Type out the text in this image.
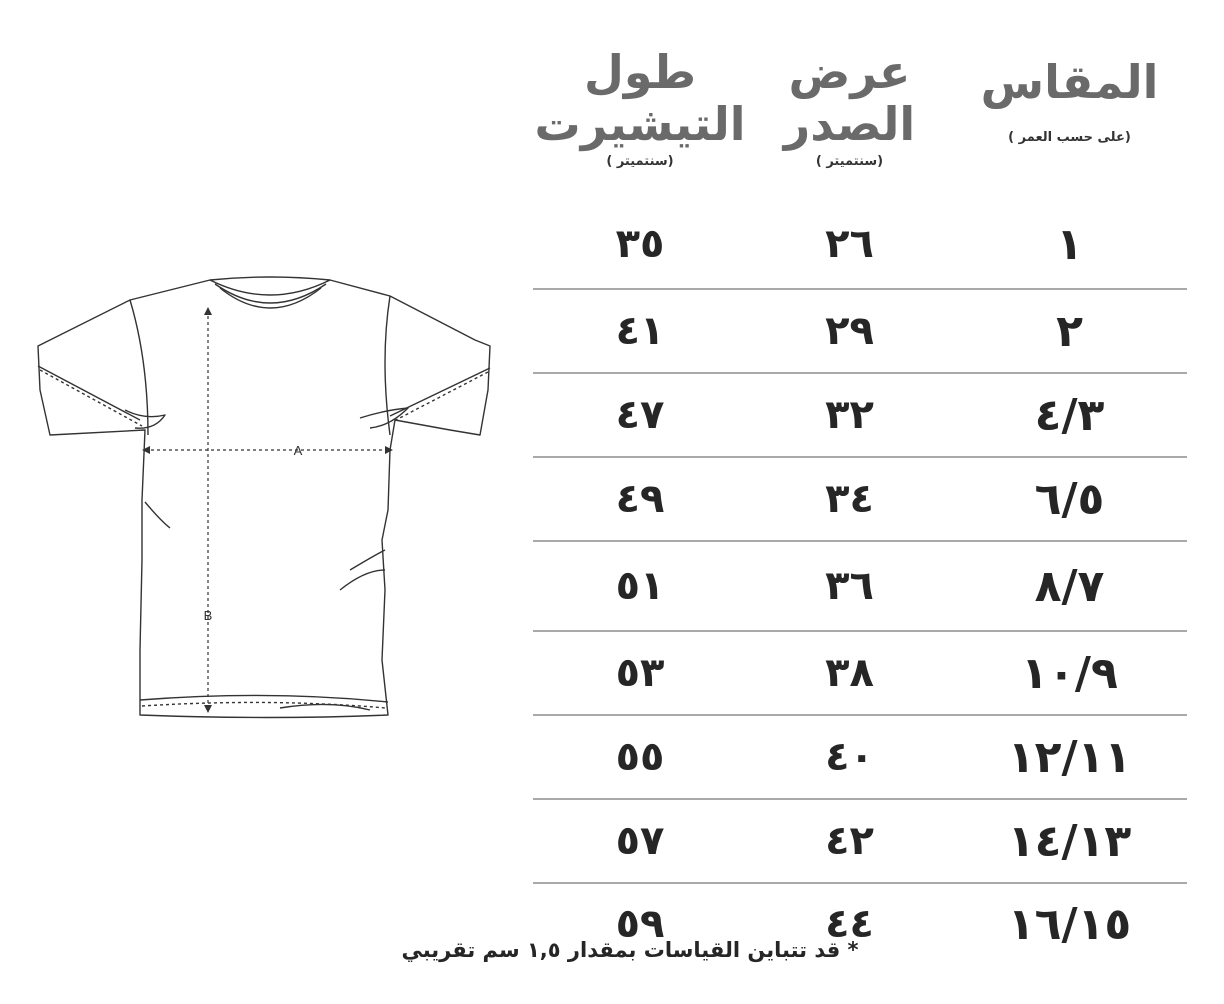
A
B
المقاس
(على حسب العمر )
عرض
الصدر
(سنتميتر )
طول
التيشيرت
(سنتميتر )
١
٢٦
٣٥
٢
٢٩
٤١
٤/٣
٣٢
٤٧
٦/٥
٣٤
٤٩
٨/٧
٣٦
٥١
١٠/٩
٣٨
٥٣
١٢/١١
٤٠
٥٥
١٤/١٣
٤٢
٥٧
١٦/١٥
٤٤
٥٩
* قد تتباين القياسات بمقدار ١,٥ سم تقريبي
